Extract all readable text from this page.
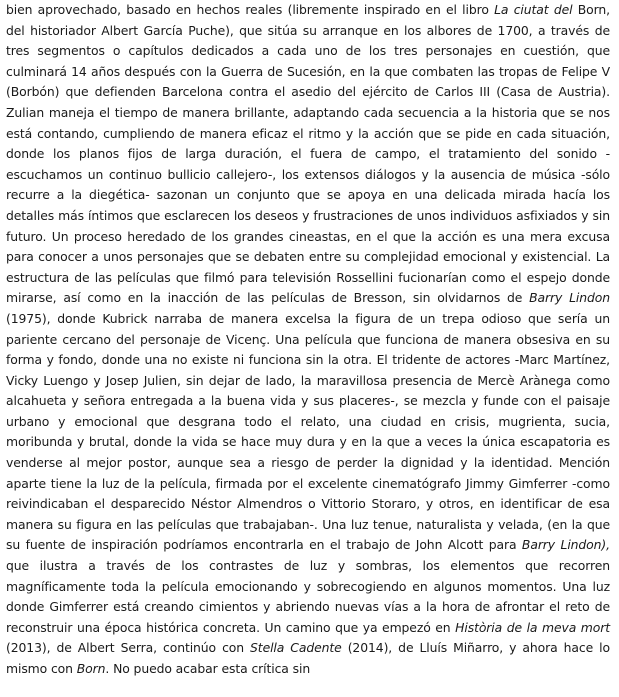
bien aprovechado, basado en hechos reales (libremente inspirado en el libro La ciutat del Born, del historiador Albert García Puche), que sitúa su arranque en los albores de 1700, a través de tres segmentos o capítulos dedicados a cada uno de los tres personajes en cuestión, que culminará 14 años después con la Guerra de Sucesión, en la que combaten las tropas de Felipe V (Borbón) que defienden Barcelona contra el asedio del ejército de Carlos III (Casa de Austria). Zulian maneja el tiempo de manera brillante, adaptando cada secuencia a la historia que se nos está contando, cumpliendo de manera eficaz el ritmo y la acción que se pide en cada situación, donde los planos fijos de larga duración, el fuera de campo, el tratamiento del sonido -escuchamos un continuo bullicio callejero-, los extensos diálogos y la ausencia de música -sólo recurre a la diegética- sazonan un conjunto que se apoya en una delicada mirada hacía los detalles más íntimos que esclarecen los deseos y frustraciones de unos individuos asfixiados y sin futuro. Un proceso heredado de los grandes cineastas, en el que la acción es una mera excusa para conocer a unos personajes que se debaten entre su complejidad emocional y existencial. La estructura de las películas que filmó para televisión Rossellini fucionarían como el espejo donde mirarse, así como en la inacción de las películas de Bresson, sin olvidarnos de Barry Lindon (1975), donde Kubrick narraba de manera excelsa la figura de un trepa odioso que sería un pariente cercano del personaje de Vicenç. Una película que funciona de manera obsesiva en su forma y fondo, donde una no existe ni funciona sin la otra. El tridente de actores -Marc Martínez, Vicky Luengo y Josep Julien, sin dejar de lado, la maravillosa presencia de Mercè Arànega como alcahueta y señora entregada a la buena vida y sus placeres-, se mezcla y funde con el paisaje urbano y emocional que desgrana todo el relato, una ciudad en crisis, mugrienta, sucia, moribunda y brutal, donde la vida se hace muy dura y en la que a veces la única escapatoria es venderse al mejor postor, aunque sea a riesgo de perder la dignidad y la identidad. Mención aparte tiene la luz de la película, firmada por el excelente cinematógrafo Jimmy Gimferrer -como reivindicaban el desparecido Néstor Almendros o Vittorio Storaro, y otros, en identificar de esa manera su figura en las películas que trabajaban-. Una luz tenue, naturalista y velada, (en la que su fuente de inspiración podríamos encontrarla en el trabajo de John Alcott para Barry Lindon), que ilustra a través de los contrastes de luz y sombras, los elementos que recorren magníficamente toda la película emocionando y sobrecogiendo en algunos momentos. Una luz donde Gimferrer está creando cimientos y abriendo nuevas vías a la hora de afrontar el reto de reconstruir una época histórica concreta. Un camino que ya empezó en Història de la meva mort (2013), de Albert Serra, continúo con Stella Cadente (2014), de Lluís Miñarro, y ahora hace lo mismo con Born. No puedo acabar esta crítica sin
